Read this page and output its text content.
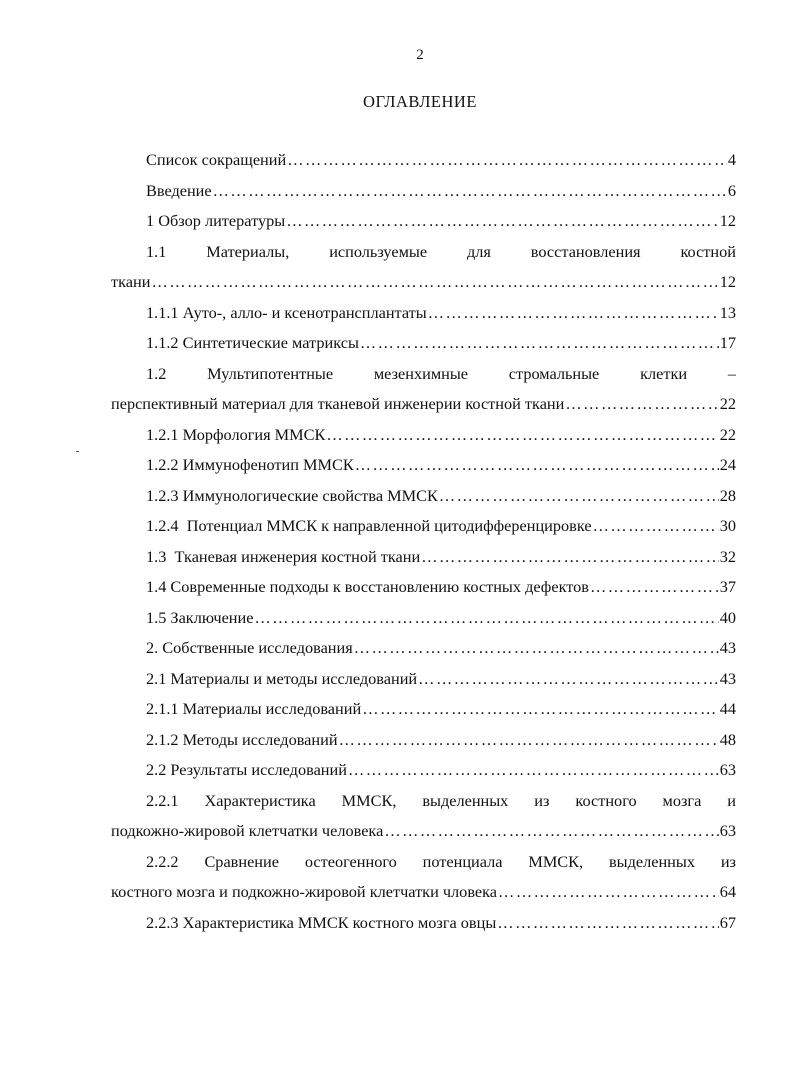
2
ОГЛАВЛЕНИЕ
Список сокращений …………………………………………………………………………………………………………………………………………………………………………………	4
Введение …………………………………………………………………………………………………………………………………………………………………………………	6
1 Обзор литературы …………………………………………………………………………………………………………………………………………………………………………………	12
1.1 Материалы, используемые для восстановления костной
ткани …………………………………………………………………………………………………………………………………………………………………………………	12
1.1.1 Ауто-, алло- и ксенотрансплантаты …………………………………………………………………………………………………………………………………………………………………………………	13
1.1.2 Синтетические матриксы …………………………………………………………………………………………………………………………………………………………………………………	17
1.2 Мультипотентные мезенхимные стромальные клетки –
перспективный материал для тканевой инженерии костной ткани …………………………………………………………………………………………………………………………………………………………………………………	22
1.2.1 Морфология ММСК …………………………………………………………………………………………………………………………………………………………………………………	22
1.2.2 Иммунофенотип ММСК …………………………………………………………………………………………………………………………………………………………………………………	24
1.2.3 Иммунологические свойства ММСК …………………………………………………………………………………………………………………………………………………………………………………	28
1.2.4  Потенциал ММСК к направленной цитодифференцировке …………………………………………………………………………………………………………………………………………………………………………………	30
1.3  Тканевая инженерия костной ткани …………………………………………………………………………………………………………………………………………………………………………………	32
1.4 Современные подходы к восстановлению костных дефектов …………………………………………………………………………………………………………………………………………………………………………………	37
1.5 Заключение …………………………………………………………………………………………………………………………………………………………………………………	40
2. Собственные исследования …………………………………………………………………………………………………………………………………………………………………………………	43
2.1 Материалы и методы исследований …………………………………………………………………………………………………………………………………………………………………………………	43
2.1.1 Материалы исследований …………………………………………………………………………………………………………………………………………………………………………………	44
2.1.2 Методы исследований …………………………………………………………………………………………………………………………………………………………………………………	48
2.2 Результаты исследований …………………………………………………………………………………………………………………………………………………………………………………	63
2.2.1 Характеристика ММСК, выделенных из костного мозга и
подкожно-жировой клетчатки человека …………………………………………………………………………………………………………………………………………………………………………………	63
2.2.2 Сравнение остеогенного потенциала ММСК, выделенных из
костного мозга и подкожно-жировой клетчатки чловека …………………………………………………………………………………………………………………………………………………………………………………	64
2.2.3 Характеристика ММСК костного мозга овцы …………………………………………………………………………………………………………………………………………………………………………………	67
